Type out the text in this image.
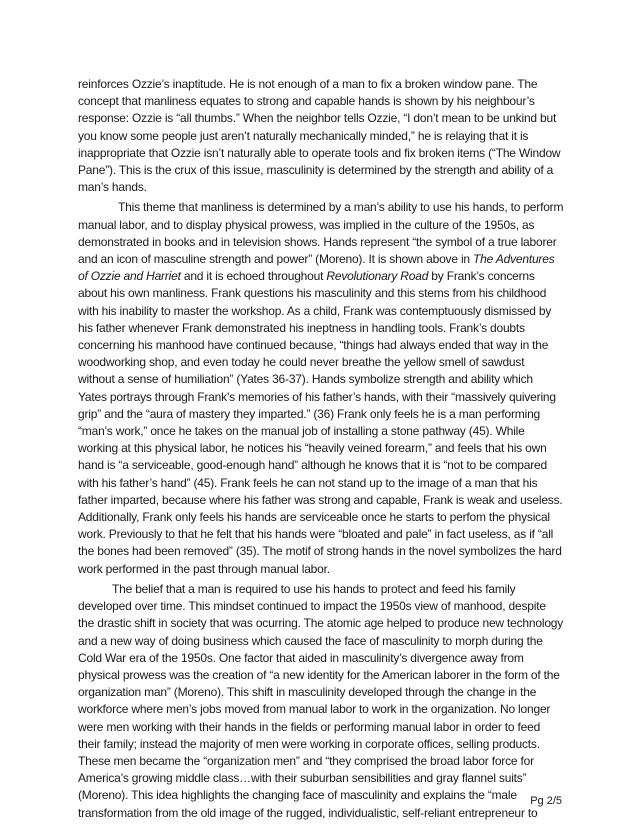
reinforces Ozzie’s inaptitude. He is not enough of a man to fix a broken window pane. The concept that manliness equates to strong and capable hands is shown by his neighbour’s response: Ozzie is “all thumbs.” When the neighbor tells Ozzie, “I don’t mean to be unkind but you know some people just aren’t naturally mechanically minded,” he is relaying that it is inappropriate that Ozzie isn’t naturally able to operate tools and fix broken items (“The Window Pane”). This is the crux of this issue, masculinity is determined by the strength and ability of a man’s hands.

This theme that manliness is determined by a man’s ability to use his hands, to perform manual labor, and to display physical prowess, was implied in the culture of the 1950s, as demonstrated in books and in television shows. Hands represent “the symbol of a true laborer and an icon of masculine strength and power” (Moreno). It is shown above in The Adventures of Ozzie and Harriet and it is echoed throughout Revolutionary Road by Frank’s concerns about his own manliness. Frank questions his masculinity and this stems from his childhood with his inability to master the workshop. As a child, Frank was contemptuously dismissed by his father whenever Frank demonstrated his ineptness in handling tools. Frank’s doubts concerning his manhood have continued because, “things had always ended that way in the woodworking shop, and even today he could never breathe the yellow smell of sawdust without a sense of humiliation” (Yates 36-37). Hands symbolize strength and ability which Yates portrays through Frank’s memories of his father’s hands, with their “massively quivering grip” and the “aura of mastery they imparted.” (36) Frank only feels he is a man performing “man’s work,” once he takes on the manual job of installing a stone pathway (45). While working at this physical labor, he notices his “heavily veined forearm,” and feels that his own hand is “a serviceable, good-enough hand” although he knows that it is “not to be compared with his father’s hand” (45). Frank feels he can not stand up to the image of a man that his father imparted, because where his father was strong and capable, Frank is weak and useless. Additionally, Frank only feels his hands are serviceable once he starts to perfom the physical work. Previously to that he felt that his hands were “bloated and pale” in fact useless, as if “all the bones had been removed” (35). The motif of strong hands in the novel symbolizes the hard work performed in the past through manual labor.

The belief that a man is required to use his hands to protect and feed his family developed over time. This mindset continued to impact the 1950s view of manhood, despite the drastic shift in society that was ocurring. The atomic age helped to produce new technology and a new way of doing business which caused the face of masculinity to morph during the Cold War era of the 1950s. One factor that aided in masculinity’s divergence away from physical prowess was the creation of “a new identity for the American laborer in the form of the organization man” (Moreno). This shift in masculinity developed through the change in the workforce where men’s jobs moved from manual labor to work in the organization. No longer were men working with their hands in the fields or performing manual labor in order to feed their family; instead the majority of men were working in corporate offices, selling products. These men became the “organization men” and “they comprised the broad labor force for America’s growing middle class…with their suburban sensibilities and gray flannel suits” (Moreno). This idea highlights the changing face of masculinity and explains the “male transformation from the old image of the rugged, individualistic, self-reliant entrepreneur to

Pg 2/5
